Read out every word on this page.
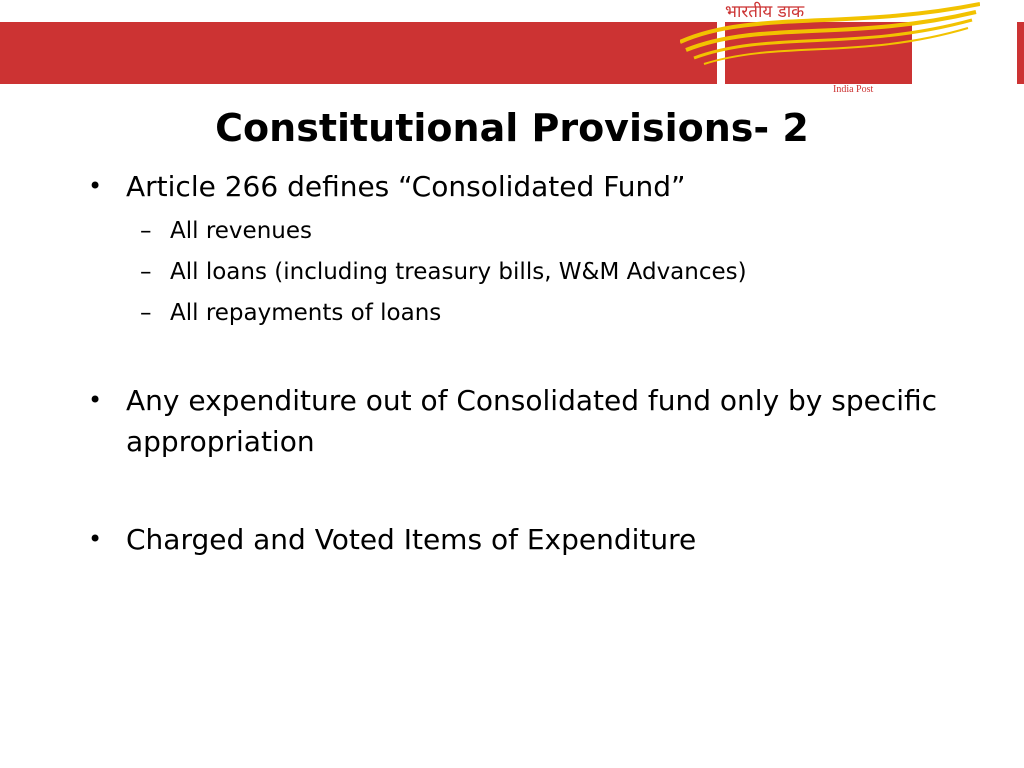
भारतीय डाक
India Post
Constitutional Provisions- 2
• Article 266 defines “Consolidated Fund”
– All revenues
– All loans (including treasury bills, W&M Advances)
– All repayments of loans
• Any expenditure out of Consolidated fund only by specific appropriation
• Charged and Voted Items of Expenditure
